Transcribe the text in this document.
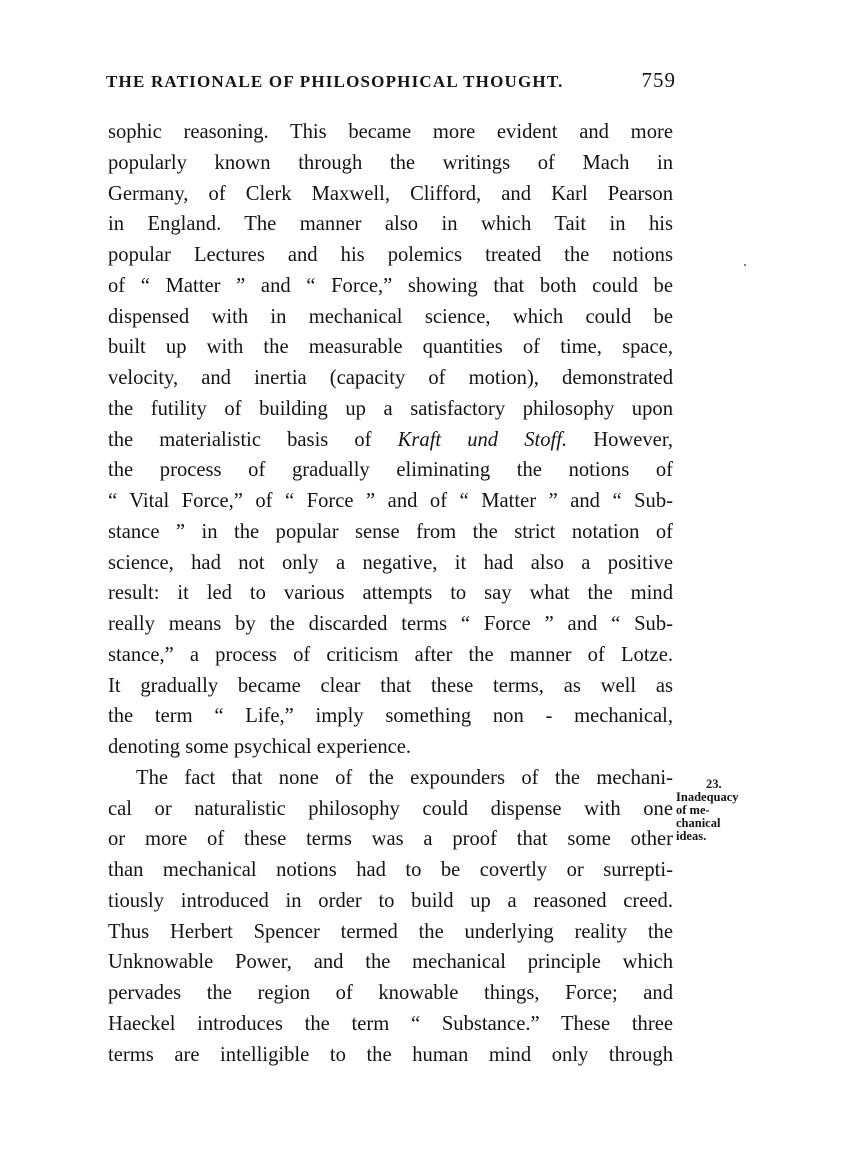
THE RATIONALE OF PHILOSOPHICAL THOUGHT.	759
sophic reasoning. This became more evident and more
popularly known through the writings of Mach in
Germany, of Clerk Maxwell, Clifford, and Karl Pearson
in England. The manner also in which Tait in his
popular Lectures and his polemics treated the notions
of “ Matter ” and “ Force,” showing that both could be
dispensed with in mechanical science, which could be
built up with the measurable quantities of time, space,
velocity, and inertia (capacity of motion), demonstrated
the futility of building up a satisfactory philosophy upon
the materialistic basis of Kraft und Stoff. However,
the process of gradually eliminating the notions of
“ Vital Force,” of “ Force ” and of “ Matter ” and “ Sub-
stance ” in the popular sense from the strict notation of
science, had not only a negative, it had also a positive
result: it led to various attempts to say what the mind
really means by the discarded terms “ Force ” and “ Sub-
stance,” a process of criticism after the manner of Lotze.
It gradually became clear that these terms, as well as
the term “ Life,” imply something non - mechanical,
denoting some psychical experience.
The fact that none of the expounders of the mechani-
cal or naturalistic philosophy could dispense with one
or more of these terms was a proof that some other
than mechanical notions had to be covertly or surrepti-
tiously introduced in order to build up a reasoned creed.
Thus Herbert Spencer termed the underlying reality the
Unknowable Power, and the mechanical principle which
pervades the region of knowable things, Force; and
Haeckel introduces the term “ Substance.” These three
terms are intelligible to the human mind only through
23.
Inadequacy
of me-
chanical
ideas.
